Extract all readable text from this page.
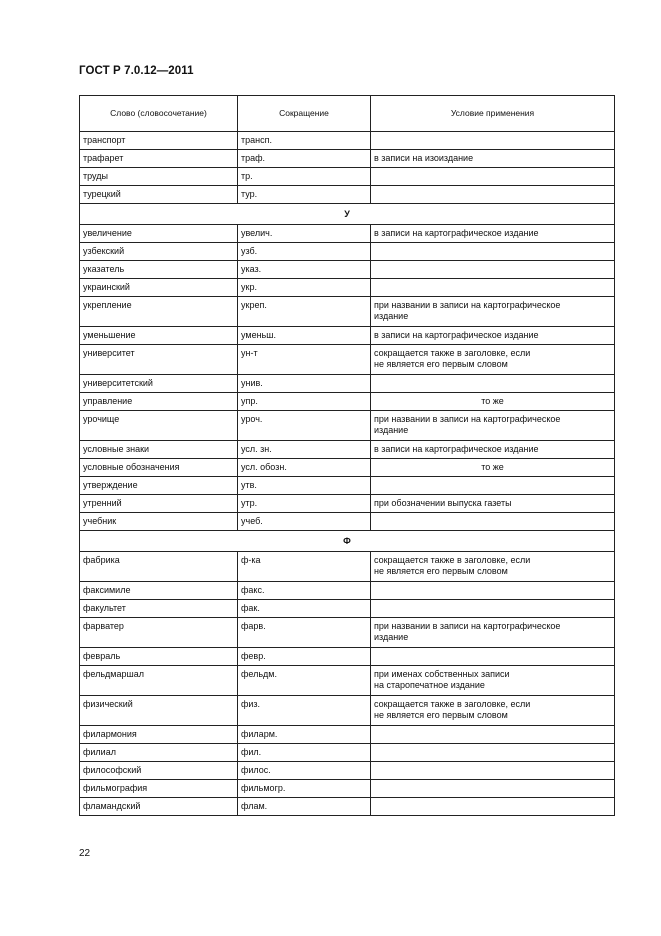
ГОСТ Р 7.0.12—2011
Слово (словосочетание)	Сокращение	Условие применения
транспорт	трансп.	
трафарет	траф.	в записи на изоиздание

труды	тр.	
турецкий	тур.	
У		
увеличение	увелич.	в записи на картографическое издание

узбекский	узб.	
указатель	указ.	
украинский	укр.	
укрепление	укреп.	при названии в записи на картографическое
издание

уменьшение	уменьш.	в записи на картографическое издание

университет	ун-т	сокращается также в заголовке, если
не является его первым словом

университетский	унив.	
управление	упр.	то же

урочище	уроч.	при названии в записи на картографическое
издание

условные знаки	усл. зн.	в записи на картографическое издание

условные обозначения	усл. обозн.	то же

утверждение	утв.	
утренний	утр.	при обозначении выпуска газеты

учебник	учеб.	
Ф		
фабрика	ф-ка	сокращается также в заголовке, если
не является его первым словом

факсимиле	факс.	
факультет	фак.	
фарватер	фарв.	при названии в записи на картографическое
издание

февраль	февр.	
фельдмаршал	фельдм.	при именах собственных записи
на старопечатное издание

физический	физ.	сокращается также в заголовке, если
не является его первым словом

филармония	филарм.	
филиал	фил.	
философский	филос.	
фильмография	фильмогр.	
фламандский	флам.	
22
